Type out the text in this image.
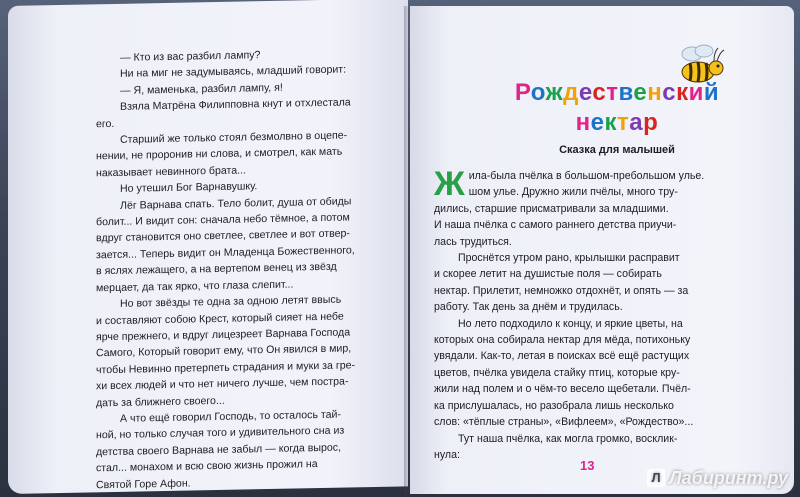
— Кто из вас разбил лампу?
Ни на миг не задумываясь, младший говорит:
— Я, маменька, разбил лампу, я!
Взяла Матрёна Филипповна кнут и отхлестала
его.
Старший же только стоял безмолвно в оцепе-
нении, не проронив ни слова, и смотрел, как мать
наказывает невинного брата...
Но утешил Бог Варнавушку.
Лёг Варнава спать. Тело болит, душа от обиды
болит... И видит сон: сначала небо тёмное, а потом
вдруг становится оно светлее, светлее и вот отвер-
зается... Теперь видит он Младенца Божественного,
в яслях лежащего, а на вертепом венец из звёзд
мерцает, да так ярко, что глаза слепит...
Но вот звёзды те одна за одною летят ввысь
и составляют собою Крест, который сияет на небе
ярче прежнего, и вдруг лицезреет Варнава Господа
Самого, Который говорит ему, что Он явился в мир,
чтобы Невинно претерпеть страдания и муки за гре-
хи всех людей и что нет ничего лучше, чем постра-
дать за ближнего своего...
А что ещё говорил Господь, то осталось тай-
ной, но только случая того и удивительного сна из
детства своего Варнава не забыл — когда вырос,
стал... монахом и всю свою жизнь прожил на
Святой Горе Афон.
Рождественский
нектар
Сказка для малышей
Ж ила-была пчёлка в большом-пребольшом улье.
шом улье. Дружно жили пчёлы, много тру-
дились, старшие присматривали за младшими.
И наша пчёлка с самого раннего детства приучи-
лась трудиться.
Проснётся утром рано, крылышки расправит
и скорее летит на душистые поля — собирать
нектар. Прилетит, немножко отдохнёт, и опять — за
работу. Так день за днём и трудилась.
Но лето подходило к концу, и яркие цветы, на
которых она собирала нектар для мёда, потихоньку
увядали. Как-то, летая в поисках всё ещё растущих
цветов, пчёлка увидела стайку птиц, которые кру-
жили над полем и о чём-то весело щебетали. Пчёл-
ка прислушалась, но разобрала лишь несколько
слов: «тёплые страны», «Вифлеем», «Рождество»...
Тут наша пчёлка, как могла громко, восклик-
нула:
13
Л Лабиринт.ру
